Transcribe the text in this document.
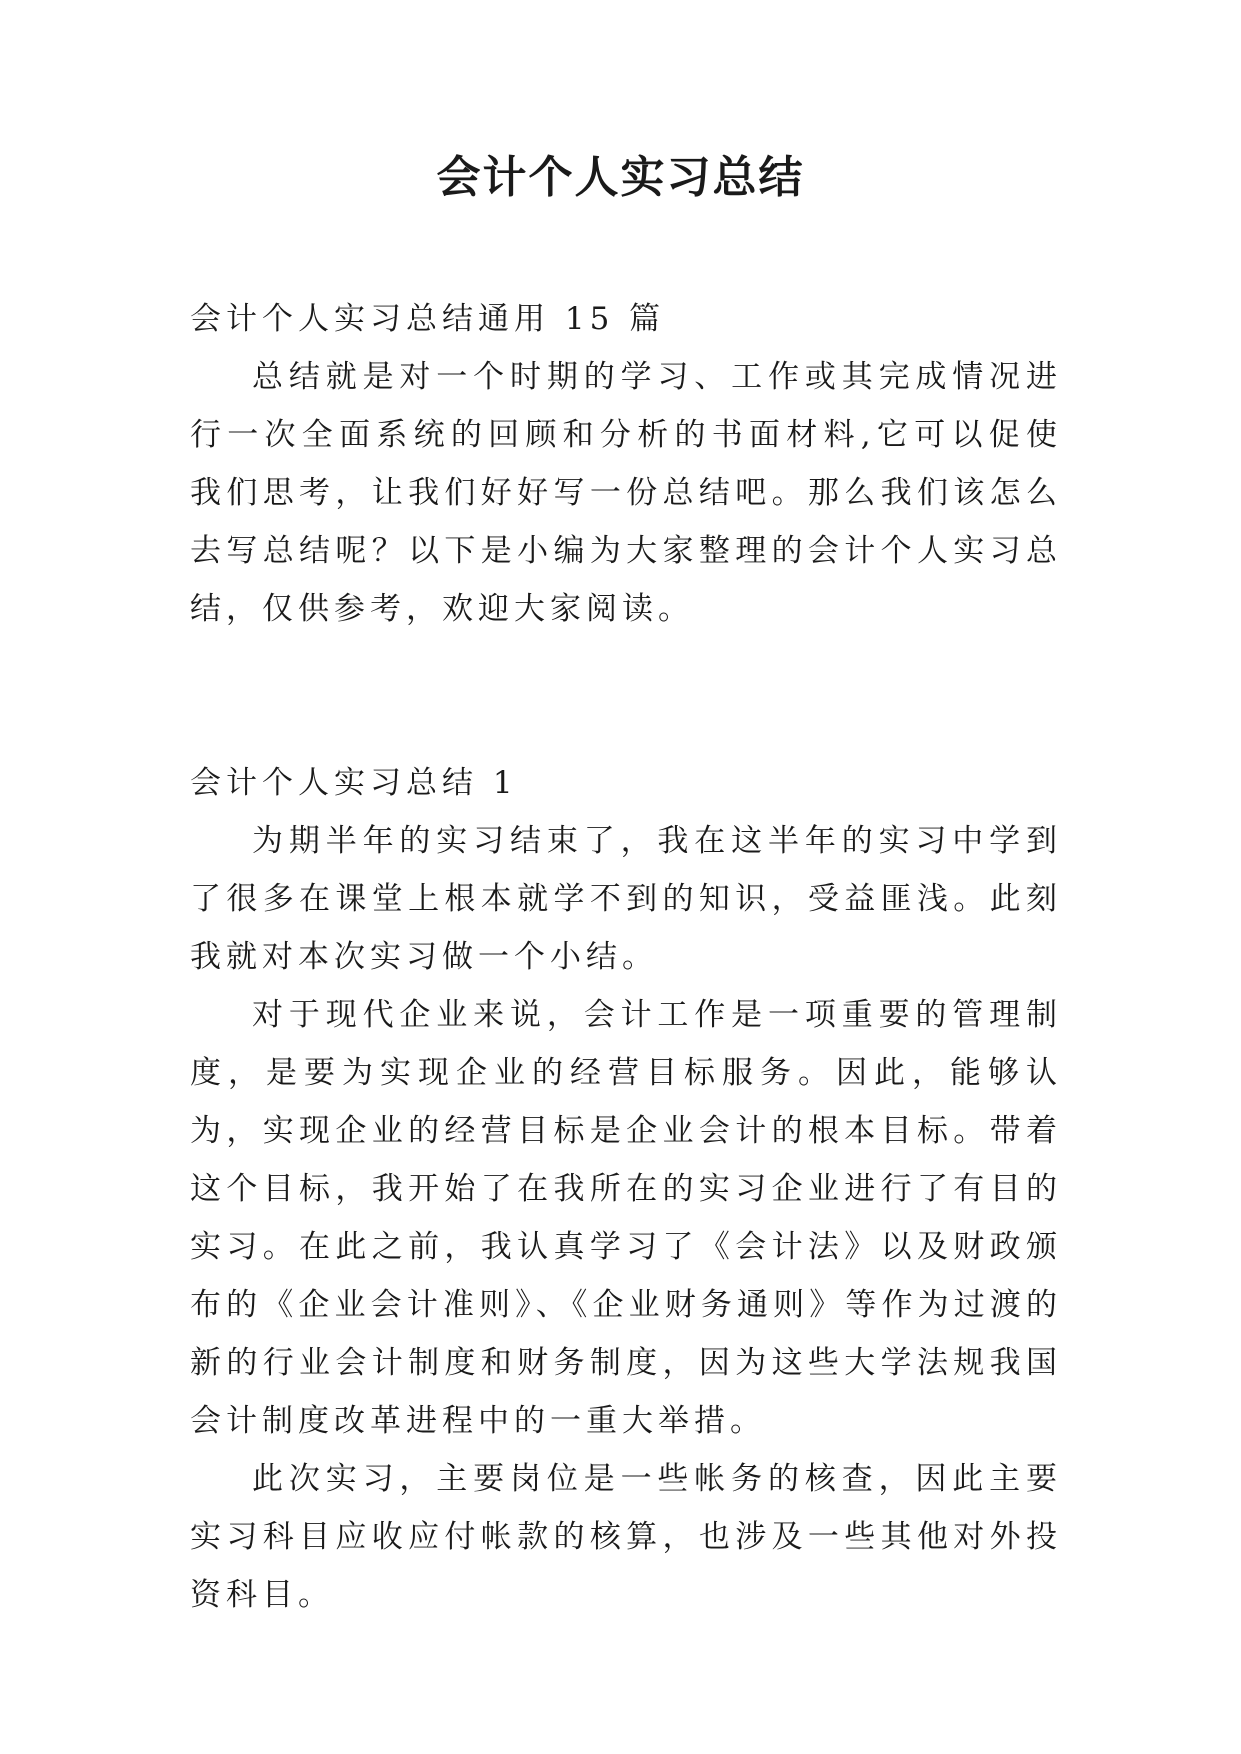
会计个人实习总结

会计个人实习总结通用 15 篇

总结就是对一个时期的学习、工作或其完成情况进行一次全面系统的回顾和分析的书面材料,它可以促使我们思考，让我们好好写一份总结吧。那么我们该怎么去写总结呢？以下是小编为大家整理的会计个人实习总结，仅供参考，欢迎大家阅读。

会计个人实习总结 1

为期半年的实习结束了，我在这半年的实习中学到了很多在课堂上根本就学不到的知识，受益匪浅。此刻我就对本次实习做一个小结。

对于现代企业来说，会计工作是一项重要的管理制度，是要为实现企业的经营目标服务。因此，能够认为，实现企业的经营目标是企业会计的根本目标。带着这个目标，我开始了在我所在的实习企业进行了有目的实习。在此之前，我认真学习了《会计法》以及财政颁布的《企业会计准则》、《企业财务通则》等作为过渡的新的行业会计制度和财务制度，因为这些大学法规我国会计制度改革进程中的一重大举措。

此次实习，主要岗位是一些帐务的核查，因此主要实习科目应收应付帐款的核算，也涉及一些其他对外投资科目。
